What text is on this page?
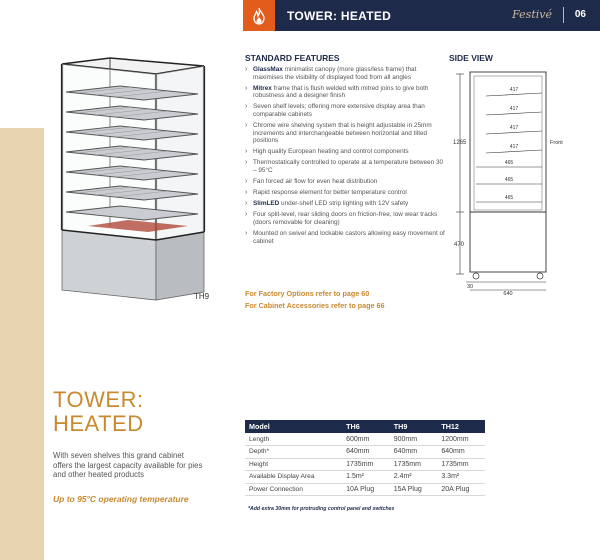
TOWER: HEATED	Festivé 06
TH9
STANDARD FEATURES
› GlassMax minimalist canopy (more glass/less frame) that maximises the visibility of displayed food from all angles
› Mitrex frame that is flush welded with mitred joins to give both robustness and a designer finish
› Seven shelf levels; offering more extensive display area than comparable cabinets
› Chrome wire shelving system that is height adjustable in 25mm increments and interchangeable between horizontal and tilted positions
› High quality European heating and control components
› Thermostatically controlled to operate at a temperature between 30 – 95°C
› Fan forced air flow for even heat distribution
› Rapid response element for better temperature control
› SlimLED under-shelf LED strip lighting with 12V safety
› Four split-level, rear sliding doors on friction-free, low wear tracks (doors removable for cleaning)
› Mounted on swivel and lockable castors allowing easy movement of cabinet
For Factory Options refer to page 60
For Cabinet Accessories refer to page 66
SIDE VIEW
1265
470
417
417
417
417
465
465
465
Front
30
640
TOWER:
HEATED
With seven shelves this grand cabinet offers the largest capacity available for pies and other heated products
Up to 95°C operating temperature
Model	TH6	TH9	TH12
Length	600mm	900mm	1200mm
Depth*	640mm	640mm	640mm
Height	1735mm	1735mm	1735mm
Available Display Area	1.5m²	2.4m²	3.3m²
Power Connection	10A Plug	15A Plug	20A Plug
*Add extra 30mm for protruding control panel and switches
